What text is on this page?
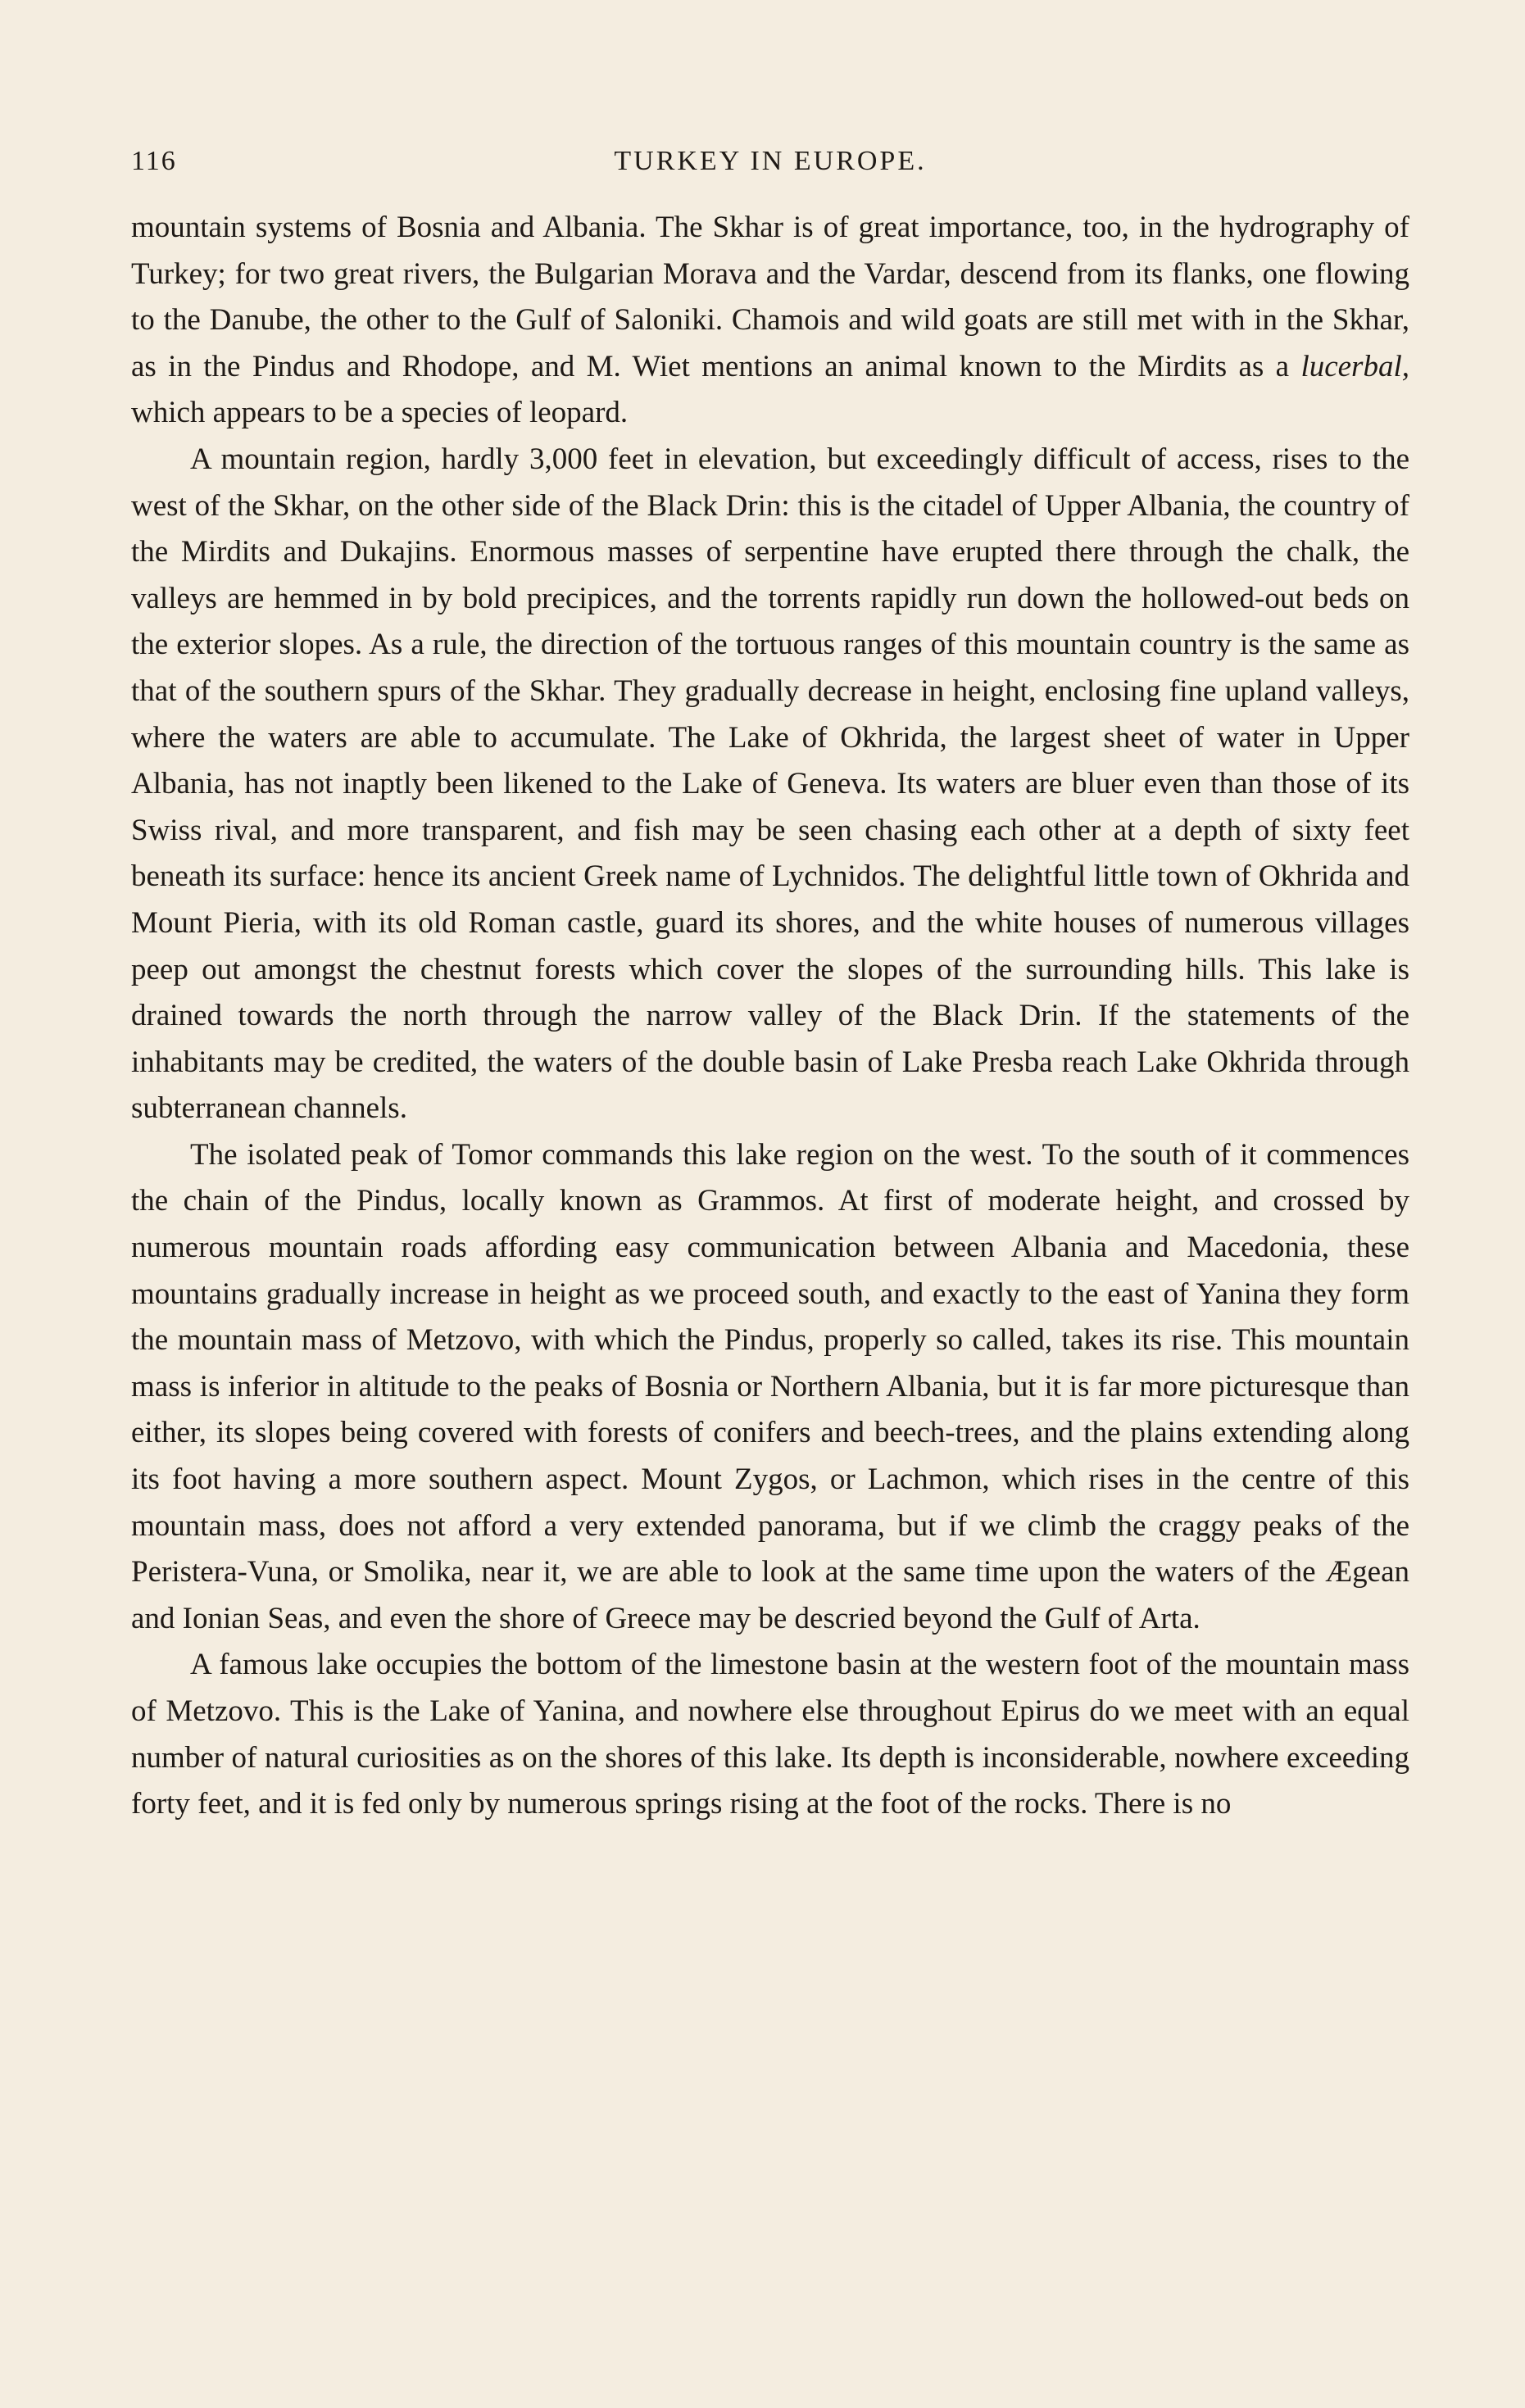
116	TURKEY IN EUROPE.

mountain systems of Bosnia and Albania. The Skhar is of great importance, too, in the hydrography of Turkey; for two great rivers, the Bulgarian Morava and the Vardar, descend from its flanks, one flowing to the Danube, the other to the Gulf of Saloniki. Chamois and wild goats are still met with in the Skhar, as in the Pindus and Rhodope, and M. Wiet mentions an animal known to the Mirdits as a lucerbal, which appears to be a species of leopard.

A mountain region, hardly 3,000 feet in elevation, but exceedingly difficult of access, rises to the west of the Skhar, on the other side of the Black Drin: this is the citadel of Upper Albania, the country of the Mirdits and Dukajins. Enormous masses of serpentine have erupted there through the chalk, the valleys are hemmed in by bold precipices, and the torrents rapidly run down the hollowed-out beds on the exterior slopes. As a rule, the direction of the tortuous ranges of this mountain country is the same as that of the southern spurs of the Skhar. They gradually decrease in height, enclosing fine upland valleys, where the waters are able to accumulate. The Lake of Okhrida, the largest sheet of water in Upper Albania, has not inaptly been likened to the Lake of Geneva. Its waters are bluer even than those of its Swiss rival, and more transparent, and fish may be seen chasing each other at a depth of sixty feet beneath its surface: hence its ancient Greek name of Lychnidos. The delightful little town of Okhrida and Mount Pieria, with its old Roman castle, guard its shores, and the white houses of numerous villages peep out amongst the chestnut forests which cover the slopes of the surrounding hills. This lake is drained towards the north through the narrow valley of the Black Drin. If the statements of the inhabitants may be credited, the waters of the double basin of Lake Presba reach Lake Okhrida through subterranean channels.

The isolated peak of Tomor commands this lake region on the west. To the south of it commences the chain of the Pindus, locally known as Grammos. At first of moderate height, and crossed by numerous mountain roads affording easy communication between Albania and Macedonia, these mountains gradually increase in height as we proceed south, and exactly to the east of Yanina they form the mountain mass of Metzovo, with which the Pindus, properly so called, takes its rise. This mountain mass is inferior in altitude to the peaks of Bosnia or Northern Albania, but it is far more picturesque than either, its slopes being covered with forests of conifers and beech-trees, and the plains extending along its foot having a more southern aspect. Mount Zygos, or Lachmon, which rises in the centre of this mountain mass, does not afford a very extended panorama, but if we climb the craggy peaks of the Peristera-Vuna, or Smolika, near it, we are able to look at the same time upon the waters of the Ægean and Ionian Seas, and even the shore of Greece may be descried beyond the Gulf of Arta.

A famous lake occupies the bottom of the limestone basin at the western foot of the mountain mass of Metzovo. This is the Lake of Yanina, and nowhere else throughout Epirus do we meet with an equal number of natural curiosities as on the shores of this lake. Its depth is inconsiderable, nowhere exceeding forty feet, and it is fed only by numerous springs rising at the foot of the rocks. There is no
